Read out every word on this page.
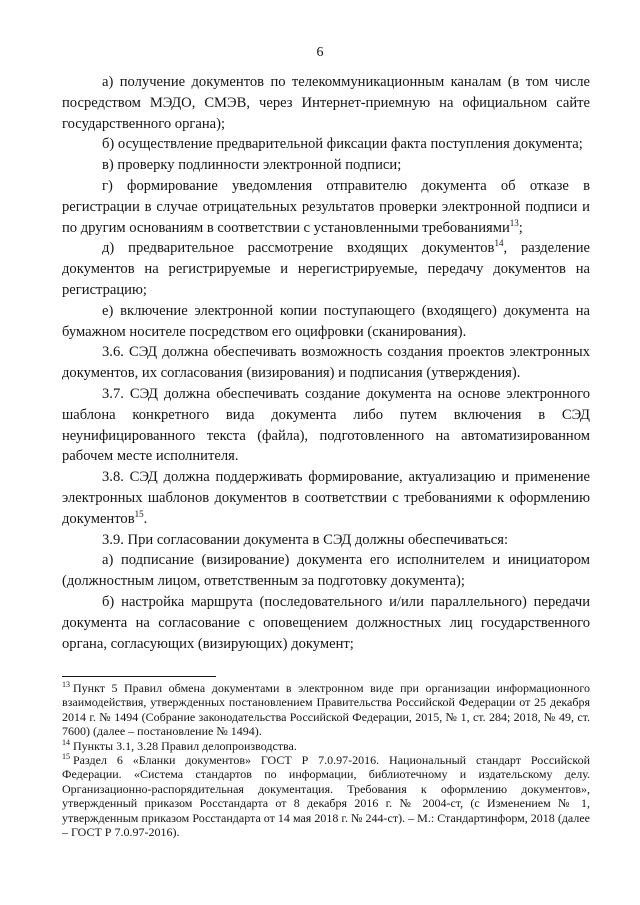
6

а) получение документов по телекоммуникационным каналам (в том числе посредством МЭДО, СМЭВ, через Интернет-приемную на официальном сайте государственного органа);

б) осуществление предварительной фиксации факта поступления документа;

в) проверку подлинности электронной подписи;

г) формирование уведомления отправителю документа об отказе в регистрации в случае отрицательных результатов проверки электронной подписи и по другим основаниям в соответствии с установленными требованиями$^{13}$;

д) предварительное рассмотрение входящих документов$^{14}$, разделение документов на регистрируемые и нерегистрируемые, передачу документов на регистрацию;

е) включение электронной копии поступающего (входящего) документа на бумажном носителе посредством его оцифровки (сканирования).

3.6. СЭД должна обеспечивать возможность создания проектов электронных документов, их согласования (визирования) и подписания (утверждения).

3.7. СЭД должна обеспечивать создание документа на основе электронного шаблона конкретного вида документа либо путем включения в СЭД неунифицированного текста (файла), подготовленного на автоматизированном рабочем месте исполнителя.

3.8. СЭД должна поддерживать формирование, актуализацию и применение электронных шаблонов документов в соответствии с требованиями к оформлению документов$^{15}$.

3.9. При согласовании документа в СЭД должны обеспечиваться:

а) подписание (визирование) документа его исполнителем и инициатором (должностным лицом, ответственным за подготовку документа);

б) настройка маршрута (последовательного и/или параллельного) передачи документа на согласование с оповещением должностных лиц государственного органа, согласующих (визирующих) документ;

$^{13}$ Пункт 5 Правил обмена документами в электронном виде при организации информационного взаимодействия, утвержденных постановлением Правительства Российской Федерации от 25 декабря 2014 г. № 1494 (Собрание законодательства Российской Федерации, 2015, № 1, ст. 284; 2018, № 49, ст. 7600) (далее – постановление № 1494).

$^{14}$ Пункты 3.1, 3.28 Правил делопроизводства.

$^{15}$ Раздел 6 «Бланки документов» ГОСТ Р 7.0.97-2016. Национальный стандарт Российской Федерации. «Система стандартов по информации, библиотечному и издательскому делу. Организационно-распорядительная документация. Требования к оформлению документов», утвержденный приказом Росстандарта от 8 декабря 2016 г. № 2004-ст, (с Изменением № 1, утвержденным приказом Росстандарта от 14 мая 2018 г. № 244-ст). – М.: Стандартинформ, 2018 (далее – ГОСТ Р 7.0.97-2016).
